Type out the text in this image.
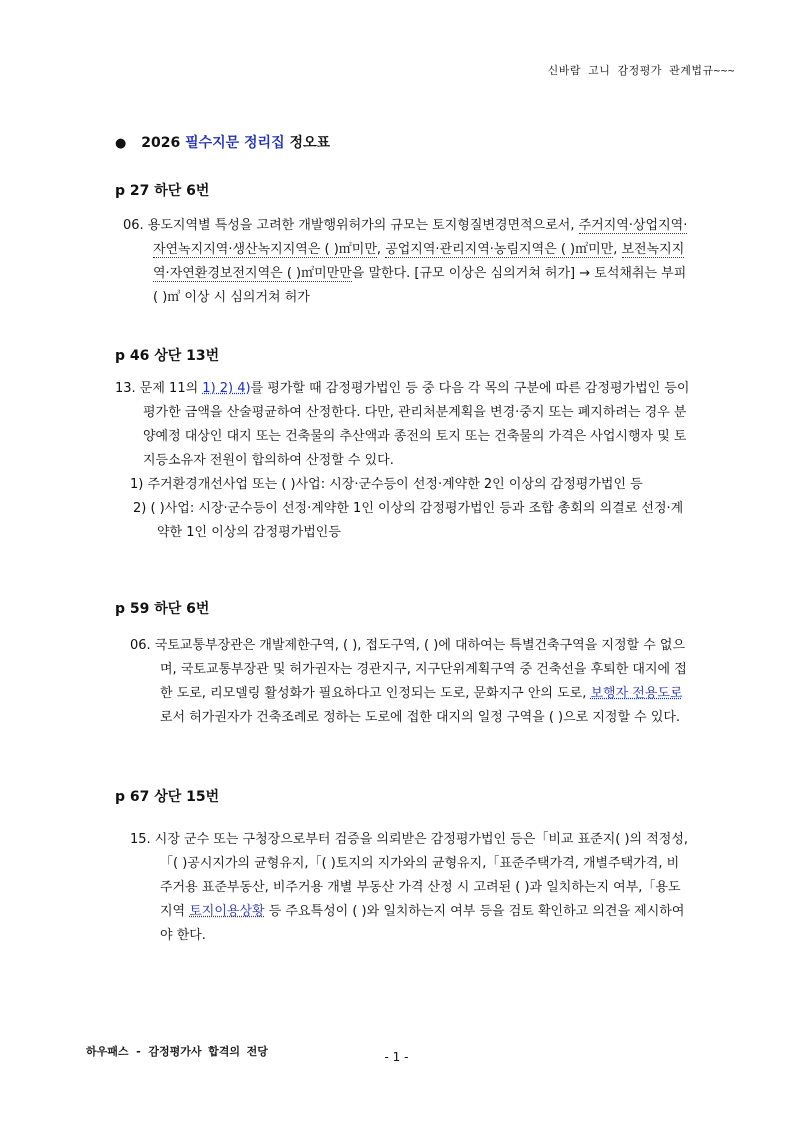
신바람 고니 감정평가 관계법규~~~
● 2026 필수지문 정리집 정오표
p 27 하단 6번

06. 용도지역별 특성을 고려한 개발행위허가의 규모는 토지형질변경면적으로서, 주거지역·상업지역·자연녹지지역·생산녹지지역은 ( )㎡미만, 공업지역·관리지역·농림지역은 ( )㎡미만, 보전녹지지역·자연환경보전지역은 ( )㎡미만만을 말한다. [규모 이상은 심의거쳐 허가] → 토석채취는 부피 ( )㎥ 이상 시 심의거쳐 허가

p 46 상단 13번

13. 문제 11의 1) 2) 4)를 평가할 때 감정평가법인 등 중 다음 각 목의 구분에 따른 감정평가법인 등이 평가한 금액을 산술평균하여 산정한다. 다만, 관리처분계획을 변경·중지 또는 폐지하려는 경우 분양예정 대상인 대지 또는 건축물의 추산액과 종전의 토지 또는 건축물의 가격은 사업시행자 및 토지등소유자 전원이 합의하여 산정할 수 있다.

1) 주거환경개선사업 또는 ( )사업: 시장·군수등이 선정·계약한 2인 이상의 감정평가법인 등

2) ( )사업: 시장·군수등이 선정·계약한 1인 이상의 감정평가법인 등과 조합 총회의 의결로 선정·계약한 1인 이상의 감정평가법인등

p 59 하단 6번

06. 국토교통부장관은 개발제한구역, ( ), 접도구역, ( )에 대하여는 특별건축구역을 지정할 수 없으며, 국토교통부장관 및 허가권자는 경관지구, 지구단위계획구역 중 건축선을 후퇴한 대지에 접한 도로, 리모델링 활성화가 필요하다고 인정되는 도로, 문화지구 안의 도로, 보행자 전용도로로서 허가권자가 건축조례로 정하는 도로에 접한 대지의 일정 구역을 ( )으로 지정할 수 있다.

p 67 상단 15번

15. 시장 군수 또는 구청장으로부터 검증을 의뢰받은 감정평가법인 등은「비교 표준지( )의 적정성, 「( )공시지가의 균형유지,「( )토지의 지가와의 균형유지,「표준주택가격, 개별주택가격, 비주거용 표준부동산, 비주거용 개별 부동산 가격 산정 시 고려된 ( )과 일치하는지 여부,「용도지역 토지이용상황 등 주요특성이 ( )와 일치하는지 여부 등을 검토 확인하고 의견을 제시하여야 한다.

하우패스 - 감정평가사 합격의 전당	- 1 -
